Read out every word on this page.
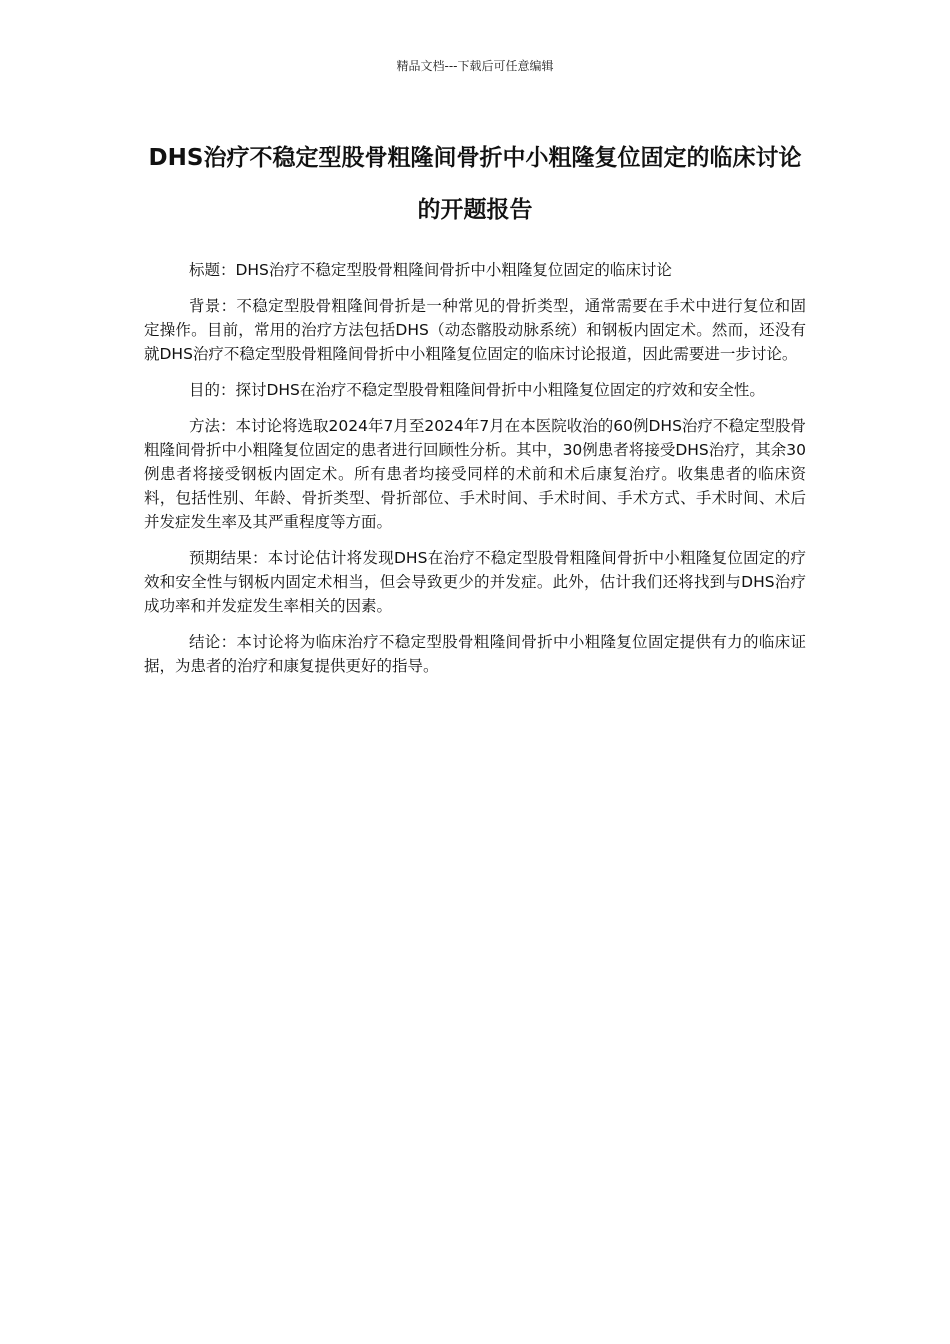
精品文档---下载后可任意编辑
DHS治疗不稳定型股骨粗隆间骨折中小粗隆复位固定的临床讨论的开题报告

标题：DHS治疗不稳定型股骨粗隆间骨折中小粗隆复位固定的临床讨论

背景：不稳定型股骨粗隆间骨折是一种常见的骨折类型，通常需要在手术中进行复位和固定操作。目前，常用的治疗方法包括DHS（动态髂股动脉系统）和钢板内固定术。然而，还没有就DHS治疗不稳定型股骨粗隆间骨折中小粗隆复位固定的临床讨论报道，因此需要进一步讨论。

目的：探讨DHS在治疗不稳定型股骨粗隆间骨折中小粗隆复位固定的疗效和安全性。

方法：本讨论将选取2024年7月至2024年7月在本医院收治的60例DHS治疗不稳定型股骨粗隆间骨折中小粗隆复位固定的患者进行回顾性分析。其中，30例患者将接受DHS治疗，其余30例患者将接受钢板内固定术。所有患者均接受同样的术前和术后康复治疗。收集患者的临床资料，包括性别、年龄、骨折类型、骨折部位、手术时间、手术时间、手术方式、手术时间、术后并发症发生率及其严重程度等方面。

预期结果：本讨论估计将发现DHS在治疗不稳定型股骨粗隆间骨折中小粗隆复位固定的疗效和安全性与钢板内固定术相当，但会导致更少的并发症。此外，估计我们还将找到与DHS治疗成功率和并发症发生率相关的因素。

结论：本讨论将为临床治疗不稳定型股骨粗隆间骨折中小粗隆复位固定提供有力的临床证据，为患者的治疗和康复提供更好的指导。
